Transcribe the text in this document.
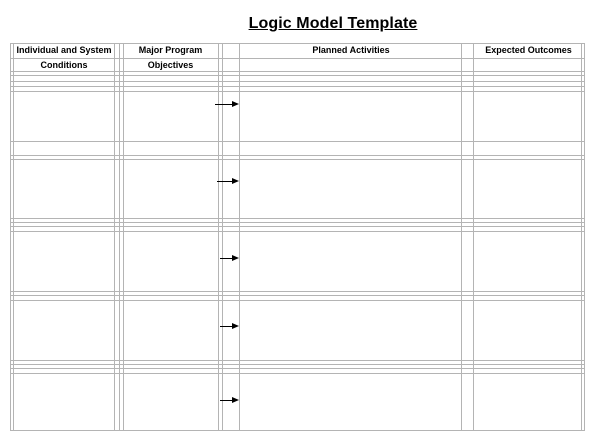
Logic Model Template
Individual and System
Conditions
Major Program
Objectives
Planned Activities	Expected Outcomes
